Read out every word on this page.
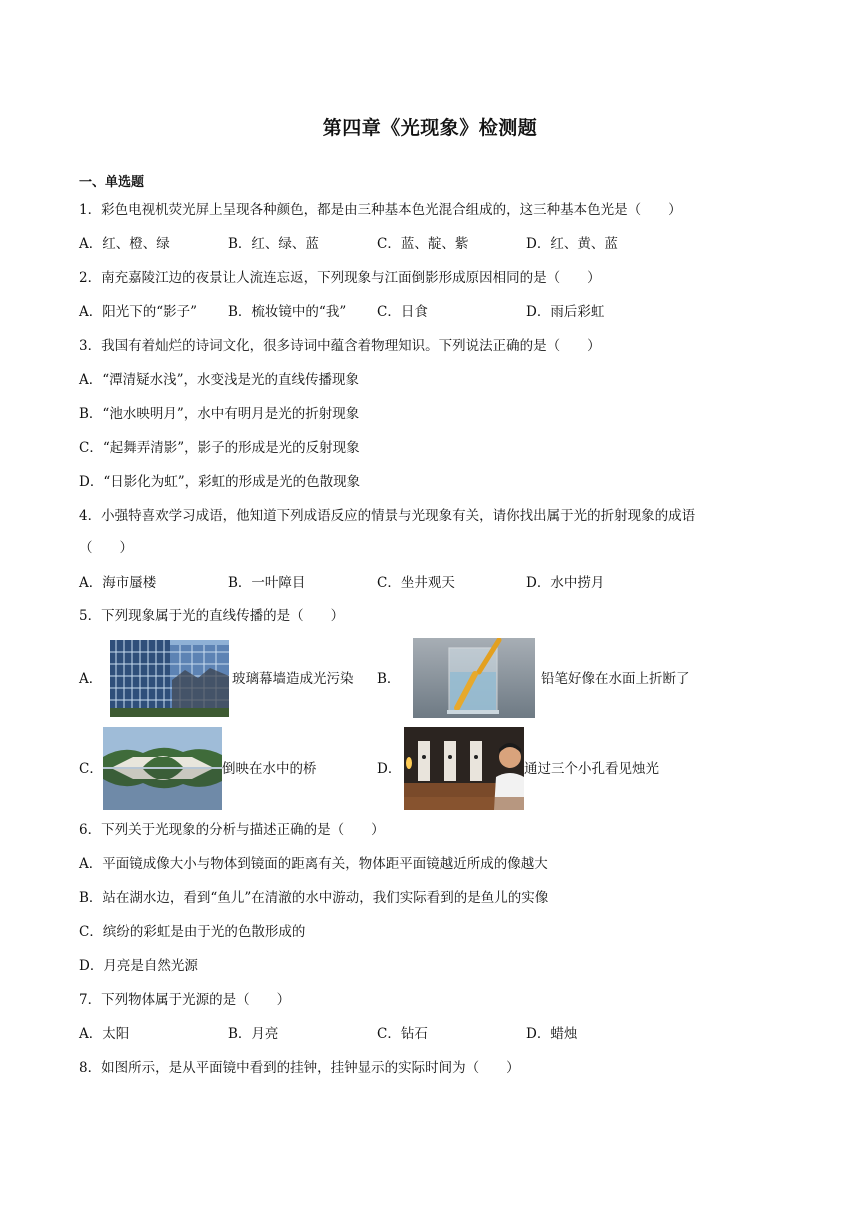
第四章《光现象》检测题
一、单选题
1．彩色电视机荧光屏上呈现各种颜色，都是由三种基本色光混合组成的，这三种基本色光是（　　）
A．红、橙、绿	B．红、绿、蓝	C．蓝、靛、紫	D．红、黄、蓝
2．南充嘉陵江边的夜景让人流连忘返，下列现象与江面倒影形成原因相同的是（　　）
A．阳光下的“影子” B．梳妆镜中的“我” C．日食	D．雨后彩虹
3．我国有着灿烂的诗词文化，很多诗词中蕴含着物理知识。下列说法正确的是（　　）
A．“潭清疑水浅”，水变浅是光的直线传播现象
B．“池水映明月”，水中有明月是光的折射现象
C．“起舞弄清影”，影子的形成是光的反射现象
D．“日影化为虹”，彩虹的形成是光的色散现象
4．小强特喜欢学习成语，他知道下列成语反应的情景与光现象有关，请你找出属于光的折射现象的成语
（　　）
A．海市蜃楼	B．一叶障目	C．坐井观天	D．水中捞月
5．下列现象属于光的直线传播的是（　　）
A．	玻璃幕墙造成光污染 B．	铅笔好像在水面上折断了
C．	倒映在水中的桥	D．	通过三个小孔看见烛光
6．下列关于光现象的分析与描述正确的是（　　）
A．平面镜成像大小与物体到镜面的距离有关，物体距平面镜越近所成的像越大
B．站在湖水边，看到“鱼儿”在清澈的水中游动，我们实际看到的是鱼儿的实像
C．缤纷的彩虹是由于光的色散形成的
D．月亮是自然光源
7．下列物体属于光源的是（　　）
A．太阳	B．月亮	C．钻石	D．蜡烛
8．如图所示，是从平面镜中看到的挂钟，挂钟显示的实际时间为（　　）
